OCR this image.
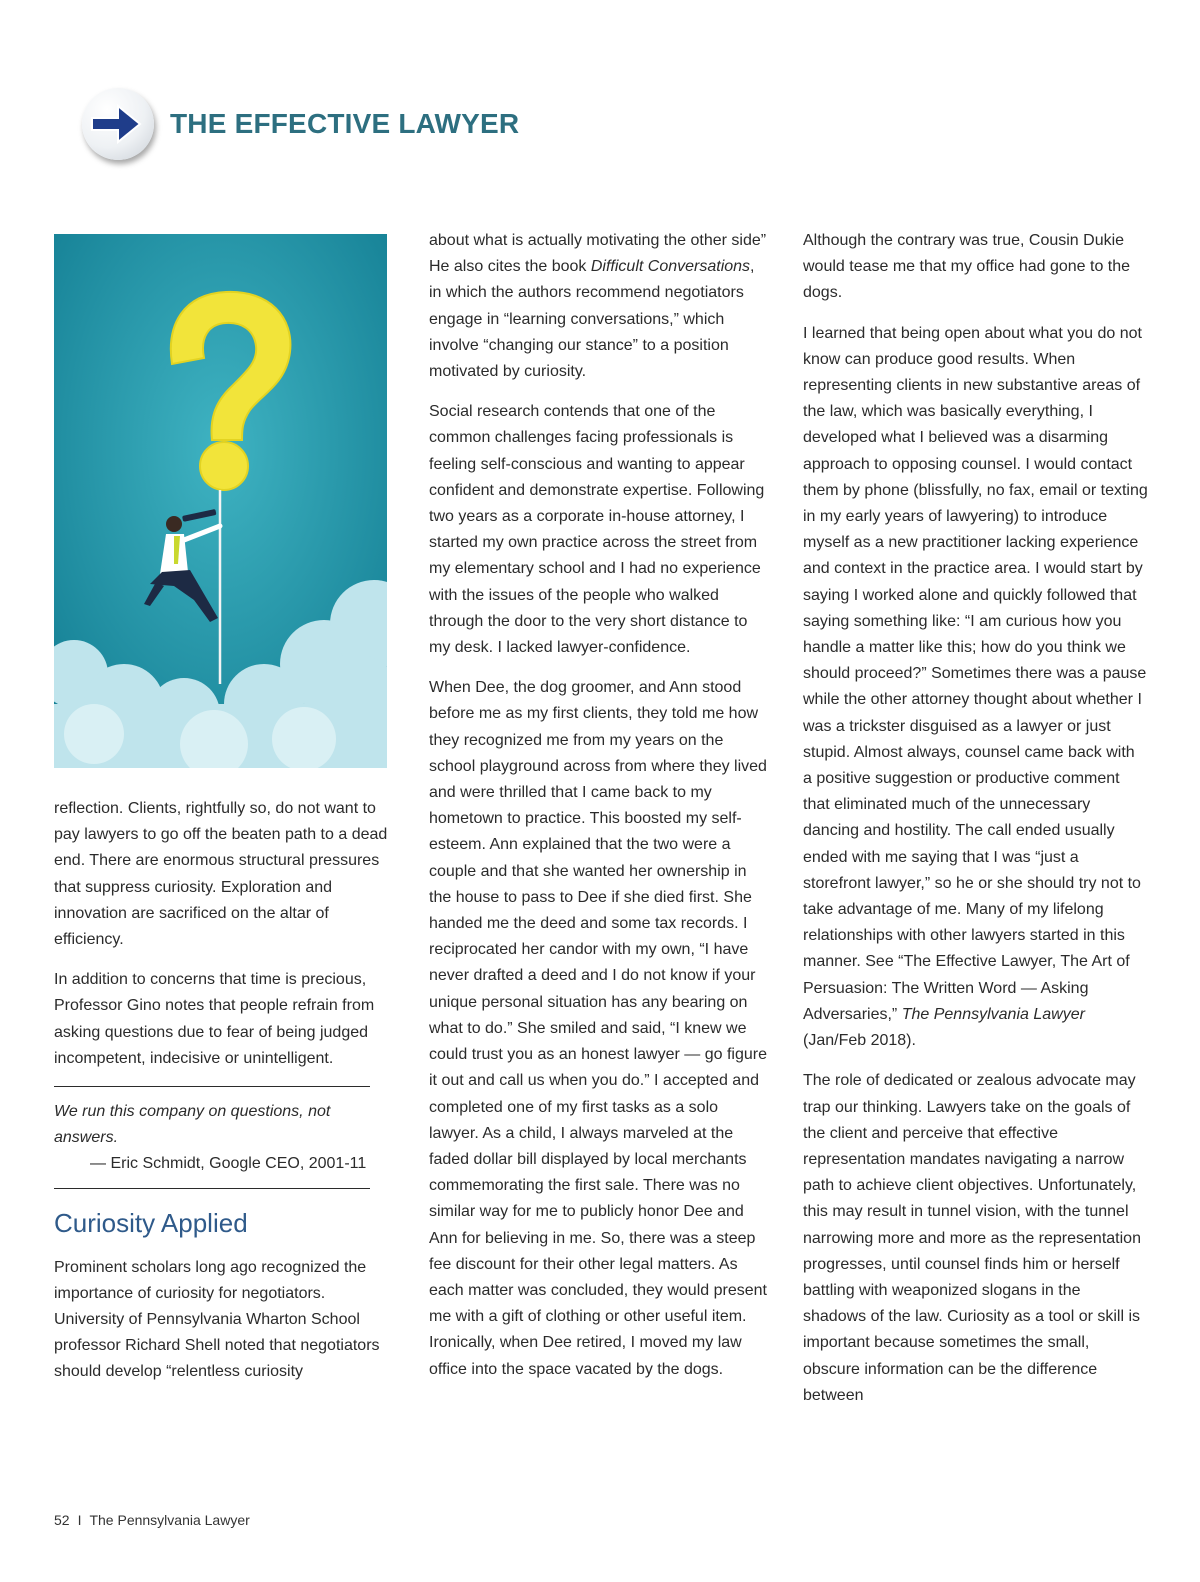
THE EFFECTIVE LAWYER

reflection. Clients, rightfully so, do not want to pay lawyers to go off the beaten path to a dead end. There are enormous structural pressures that suppress curiosity. Exploration and innovation are sacrificed on the altar of efficiency.

In addition to concerns that time is precious, Professor Gino notes that people refrain from asking questions due to fear of being judged incompetent, indecisive or unintelligent.

We run this company on questions, not answers.
— Eric Schmidt, Google CEO, 2001-11
Curiosity Applied

Prominent scholars long ago recognized the importance of curiosity for negotiators. University of Pennsylvania Wharton School professor Richard Shell noted that negotiators should develop “relentless curiosity

about what is actually motivating the other side” He also cites the book Difficult Conversations, in which the authors recommend negotiators engage in “learning conversations,” which involve “changing our stance” to a position motivated by curiosity.

Social research contends that one of the common challenges facing professionals is feeling self-conscious and wanting to appear confident and demonstrate expertise. Following two years as a corporate in-house attorney, I started my own practice across the street from my elementary school and I had no experience with the issues of the people who walked through the door to the very short distance to my desk. I lacked lawyer-confidence.

When Dee, the dog groomer, and Ann stood before me as my first clients, they told me how they recognized me from my years on the school playground across from where they lived and were thrilled that I came back to my hometown to practice. This boosted my self-esteem. Ann explained that the two were a couple and that she wanted her ownership in the house to pass to Dee if she died first. She handed me the deed and some tax records. I reciprocated her candor with my own, “I have never drafted a deed and I do not know if your unique personal situation has any bearing on what to do.” She smiled and said, “I knew we could trust you as an honest lawyer — go figure it out and call us when you do.” I accepted and completed one of my first tasks as a solo lawyer. As a child, I always marveled at the faded dollar bill displayed by local merchants commemorating the first sale. There was no similar way for me to publicly honor Dee and Ann for believing in me. So, there was a steep fee discount for their other legal matters. As each matter was concluded, they would present me with a gift of clothing or other useful item. Ironically, when Dee retired, I moved my law office into the space vacated by the dogs.

Although the contrary was true, Cousin Dukie would tease me that my office had gone to the dogs.

I learned that being open about what you do not know can produce good results. When representing clients in new substantive areas of the law, which was basically everything, I developed what I believed was a disarming approach to opposing counsel. I would contact them by phone (blissfully, no fax, email or texting in my early years of lawyering) to introduce myself as a new practitioner lacking experience and context in the practice area. I would start by saying I worked alone and quickly followed that saying something like: “I am curious how you handle a matter like this; how do you think we should proceed?” Sometimes there was a pause while the other attorney thought about whether I was a trickster disguised as a lawyer or just stupid. Almost always, counsel came back with a positive suggestion or productive comment that eliminated much of the unnecessary dancing and hostility. The call ended usually ended with me saying that I was “just a storefront lawyer,” so he or she should try not to take advantage of me. Many of my lifelong relationships with other lawyers started in this manner. See “The Effective Lawyer, The Art of Persuasion: The Written Word — Asking Adversaries,” The Pennsylvania Lawyer (Jan/Feb 2018).

The role of dedicated or zealous advocate may trap our thinking. Lawyers take on the goals of the client and perceive that effective representation mandates navigating a narrow path to achieve client objectives. Unfortunately, this may result in tunnel vision, with the tunnel narrowing more and more as the representation progresses, until counsel finds him or herself battling with weaponized slogans in the shadows of the law. Curiosity as a tool or skill is important because sometimes the small, obscure information can be the difference between

52 I The Pennsylvania Lawyer
